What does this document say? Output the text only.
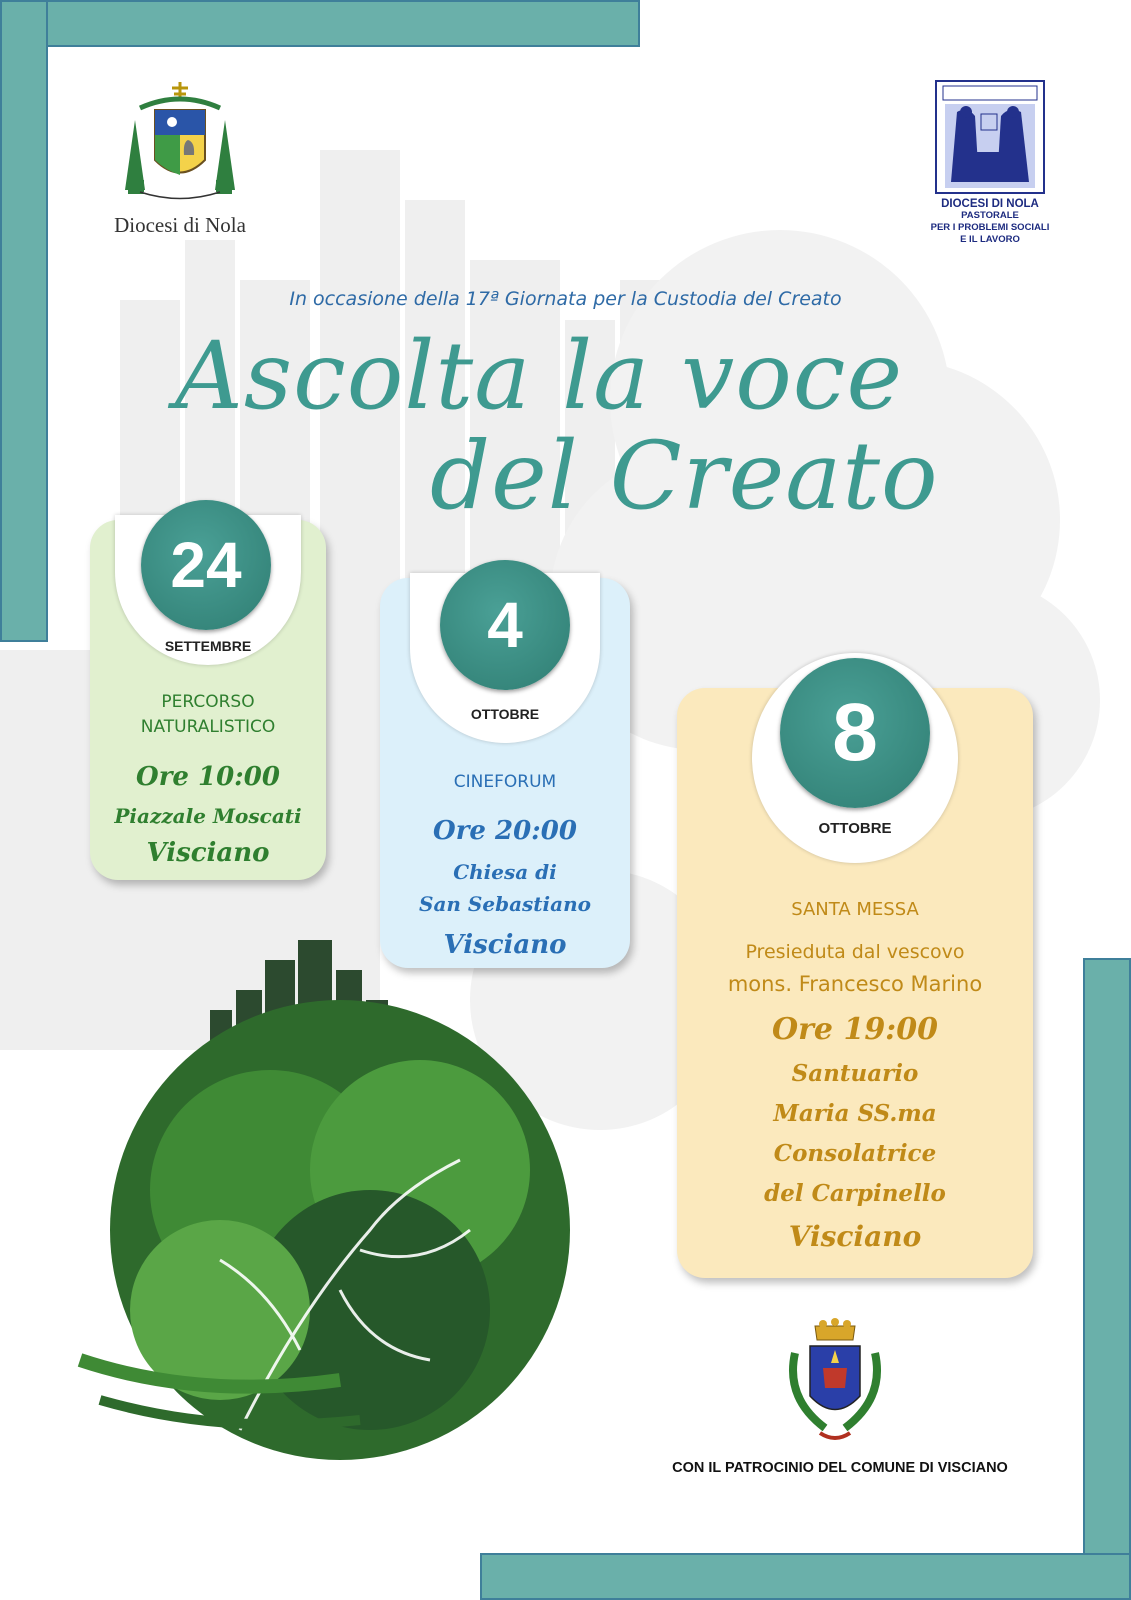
Diocesi di Nola
DIOCESI DI NOLA
PASTORALE
PER I PROBLEMI SOCIALI
E IL LAVORO
In occasione della 17ª Giornata per la Custodia del Creato
Ascolta la voce
del Creato
24
SETTEMBRE
PERCORSO
NATURALISTICO
Ore 10:00
Piazzale Moscati
Visciano
4
OTTOBRE
CINEFORUM
Ore 20:00
Chiesa di
San Sebastiano
Visciano
8
OTTOBRE
SANTA MESSA
Presieduta dal vescovo
mons. Francesco Marino
Ore 19:00
Santuario
Maria SS.ma
Consolatrice
del Carpinello
Visciano
CON IL PATROCINIO DEL COMUNE DI VISCIANO
